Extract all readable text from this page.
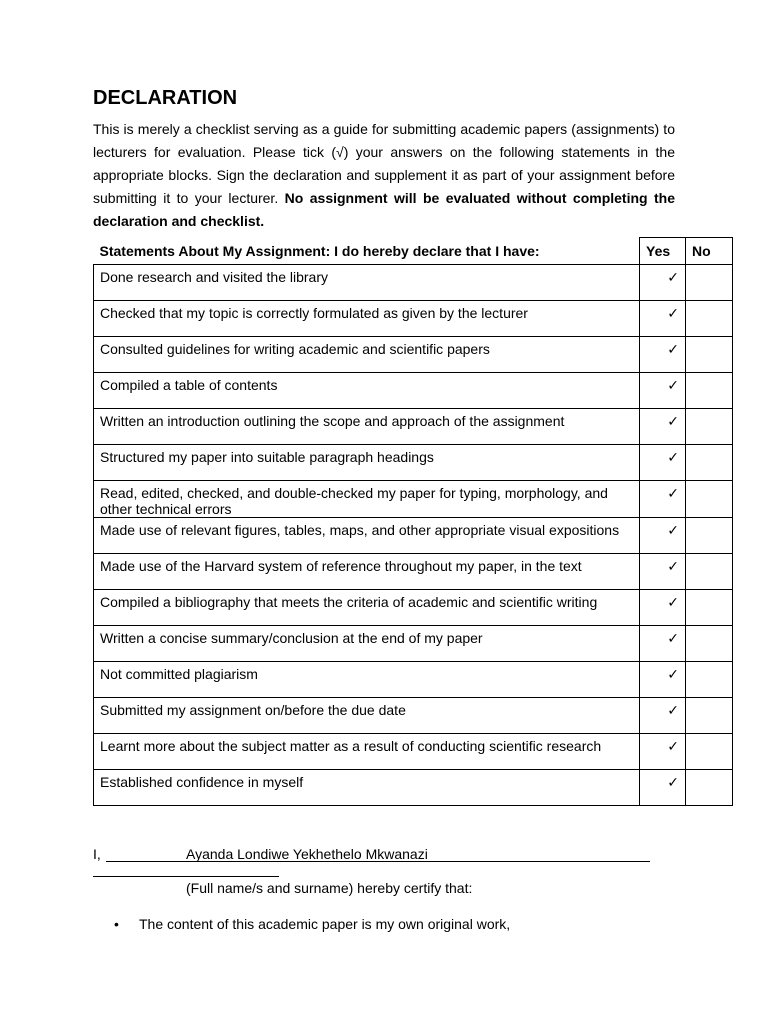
DECLARATION
This is merely a checklist serving as a guide for submitting academic papers (assignments) to lecturers for evaluation. Please tick (√) your answers on the following statements in the appropriate blocks. Sign the declaration and supplement it as part of your assignment before submitting it to your lecturer. No assignment will be evaluated without completing the declaration and checklist.
Statements About My Assignment: I do hereby declare that I have:	Yes	No
Done research and visited the library	✓	
Checked that my topic is correctly formulated as given by the lecturer	✓	
Consulted guidelines for writing academic and scientific papers	✓	
Compiled a table of contents	✓	
Written an introduction outlining the scope and approach of the assignment	✓	
Structured my paper into suitable paragraph headings	✓	
Read, edited, checked, and double-checked my paper for typing, morphology, and other technical errors	✓	
Made use of relevant figures, tables, maps, and other appropriate visual expositions	✓	
Made use of the Harvard system of reference throughout my paper, in the text	✓	
Compiled a bibliography that meets the criteria of academic and scientific writing	✓	
Written a concise summary/conclusion at the end of my paper	✓	
Not committed plagiarism	✓	
Submitted my assignment on/before the due date	✓	
Learnt more about the subject matter as a result of conducting scientific research	✓	
Established confidence in myself	✓	
I,	Ayanda Londiwe Yekhethelo Mkwanazi
(Full name/s and surname) hereby certify that:
•	The content of this academic paper is my own original work,
